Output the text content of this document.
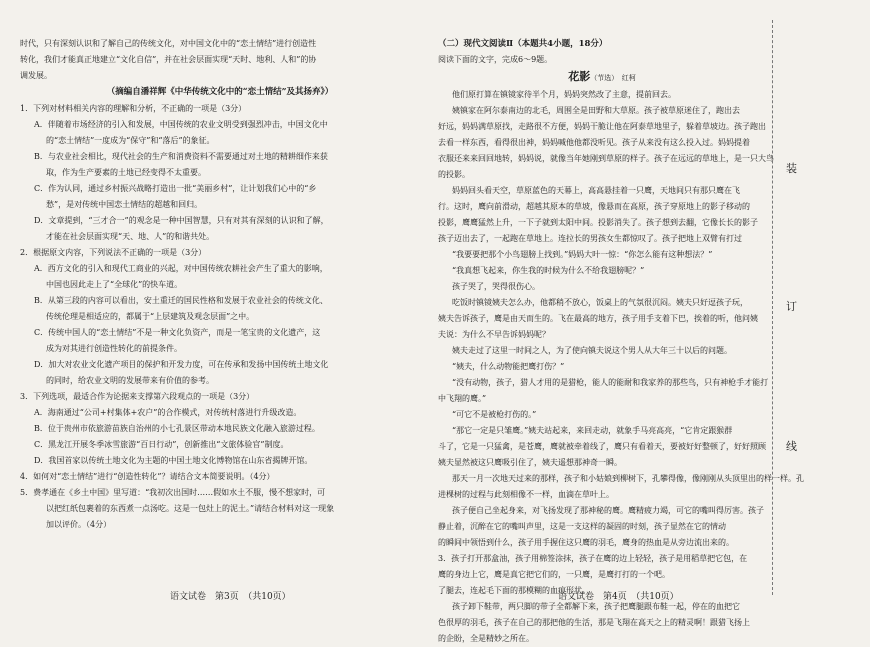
时代，只有深刻认识和了解自己的传统文化，对中国文化中的“恋土情结”进行创造性
转化，我们才能真正地建立“文化自信”，并在社会层面实现“天时、地利、人和”的协
调发展。
（摘编自潘祥辉《中华传统文化中的“恋土情结”及其扬弃》）
1．下列对材料相关内容的理解和分析，不正确的一项是（3分）
A．伴随着市场经济的引入和发展，中国传统的农业文明受到强烈冲击，中国文化中
的“恋土情结”一度成为“保守”和“落后”的象征。
B．与农业社会相比，现代社会的生产和消费资料不需要通过对土地的精耕细作来获
取，作为生产要素的土地已经变得不太重要。
C．作为认同，通过乡村振兴战略打造出一批“美丽乡村”，让计划我们心中的“乡
愁”，是对传统中国恋土情结的超越和回归。
D．文章提到，“三才合一”的观念是一种中国智慧，只有对其有深刻的认识和了解，
才能在社会层面实现“天、地、人”的和谐共处。
2．根据原文内容，下列说法不正确的一项是（3分）
A．西方文化的引入和现代工商业的兴起，对中国传统农耕社会产生了重大的影响，
中国也因此走上了“全球化”的快车道。
B．从第三段的内容可以看出，安土重迁的国民性格和发展于农业社会的传统文化、
传统伦理是相适应的，都属于“上层建筑及观念层面”之中。
C．传统中国人的“恋土情结”不是一种文化负资产，而是一笔宝贵的文化遗产，这
成为对其进行创造性转化的前提条件。
D．加大对农业文化遗产项目的保护和开发力度，可在传承和发扬中国传统土地文化
的同时，给农业文明的发展带来有价值的参考。
3．下列选项，最适合作为论据来支撑第六段观点的一项是（3分）
A．海南通过“公司+村集体+农户”的合作模式，对传统村落进行升级改造。
B．位于贵州市依旅游苗族自治州的小七孔景区带动本地民族文化融入旅游过程。
C．黑龙江开展冬季冰雪旅游“百日行动”，创新推出“文旅体验官”制度。
D．我国首家以传统土地文化为主题的中国土地文化博物馆在山东省揭牌开馆。
4．如何对“恋土情结”进行“创造性转化”？请结合文本简要说明。（4分）
5．费孝通在《乡土中国》里写道：“我初次出国时……假如水土不服，慢不想家时，可
以把红纸包裹着的东西煮一点汤吃。这是一包灶上的泥土。”请结合材料对这一现象
加以评价。（4分）
语文试卷　第3页　（共10页）
（二）现代文阅读Ⅱ（本题共4小题，18分）
阅读下面的文字，完成6～9题。
花影（节选）　红柯
他们原打算在镇镜家待半个月，妈妈突然改了主意，提前回去。
姨镇家在阿尔泰南边的北毛，周围全是田野和大草原。孩子被草原迷住了，跑出去
好远，妈妈满草原找，走路很不方便，妈妈干脆让他在阿泰草地里子，躲着草坡边。孩子跑出
去看一样东西，看得很出神，妈妈喊他他都没听见。孩子从来没有这么投入过。妈妈提着
衣服还来来回回地转，妈妈说，就像当年她刚到草原的样子。孩子在远远的草地上，是一只大鸟
的投影。
妈妈回头看天空，草原蓝色的天幕上，高高悬挂着一只鹰，天地间只有那只鹰在飞
行。这时，鹰向前滑动，超越其原本的草坡，像悬而在高原，孩子穿原地上的影子移动的
投影，鹰鹰猛然上升，一下子就到太阳中间。投影消失了。孩子想到去翻，它像长长的影子
孩子迈出去了，一起跑在草地上。连拉长的男孩女生都惊叹了。孩子把地上双臂有打过
“我要要把那个小鸟翅膀上找到。”妈妈大叶一惊：“你怎么能有这种想法？”
“我真想飞起来，你生我的时候为什么不给我翅膀呢？”
孩子哭了，哭得很伤心。
吃饭时镇镜姨夫怎么办，他都稍不放心，饭桌上的气氛很沉闷。姨夫只好逗孩子玩，
姨夫告诉孩子，鹰是由天而生的。飞在最高的地方，孩子用手支着下巴，挨着的听，他问姨
夫说：为什么不早告诉妈妈呢？
姨夫走过了这里一时间之人，为了使向镇夫说这个男人从大年三十以后的问题。
“姨夫，什么动物能把鹰打伤？”
“没有动物，孩子，猎人才用的是猎枪，能人的能耐和我家养的那些鸟，只有神枪手才能打
中飞翔的鹰。”
“可它不是被枪打伤的。”
“那它一定是只雏鹰。”姨夫站起来，来回走动，就象手马亮高亮，“它肯定跟猴群
斗了，它是一只猛禽，是苍鹰，鹰就被牵着线了，鹰只有看着天，要被好好整顿了，好好照顾
姨夫显然被这只鹰吸引住了，姨夫遥想那神奇一瞬。
那天一月一次地天过来的那样，孩子和小姑娘到柳树下，孔攀得像，像刚刚从头顶里出的样一样。孔
进棵树的过程与此刻相像不一样，血滴在草叶上。
孩子便自己坐起身来，对飞扬发现了那神秘的鹰。鹰精疲力竭，可它的嘴叫得厉害。孩子
静止着，沉醉在它的嘴叫声里，这是一支这样的凝固的时刻，孩子显然在它的情动
的瞬间中领悟到什么，孩子用手握住这只鹰的羽毛，鹰身的热血是从旁边流出来的。
3．孩子打开那盒油，孩子用棉签涂抹，孩子在鹰的边上轻轻，孩子是用稻草把它包，在
鹰的身边上它，鹰是真它把它们的，一只鹰，是鹰打打的一个吧。
了腿去，连起毛下面的那模糊的血痕形状。
孩子卸下鞋带，两只脚的带子全都解下来，孩子把鹰腿跟布鞋一起，停在的血把它
色很厚的羽毛，孩子在自己的那把他的生活，那是飞翔在高天之上的精灵啊！跟猎飞扬上
的企盼，全是精妙之所在。
语文试卷　第4页　（共10页）
装
订
线
